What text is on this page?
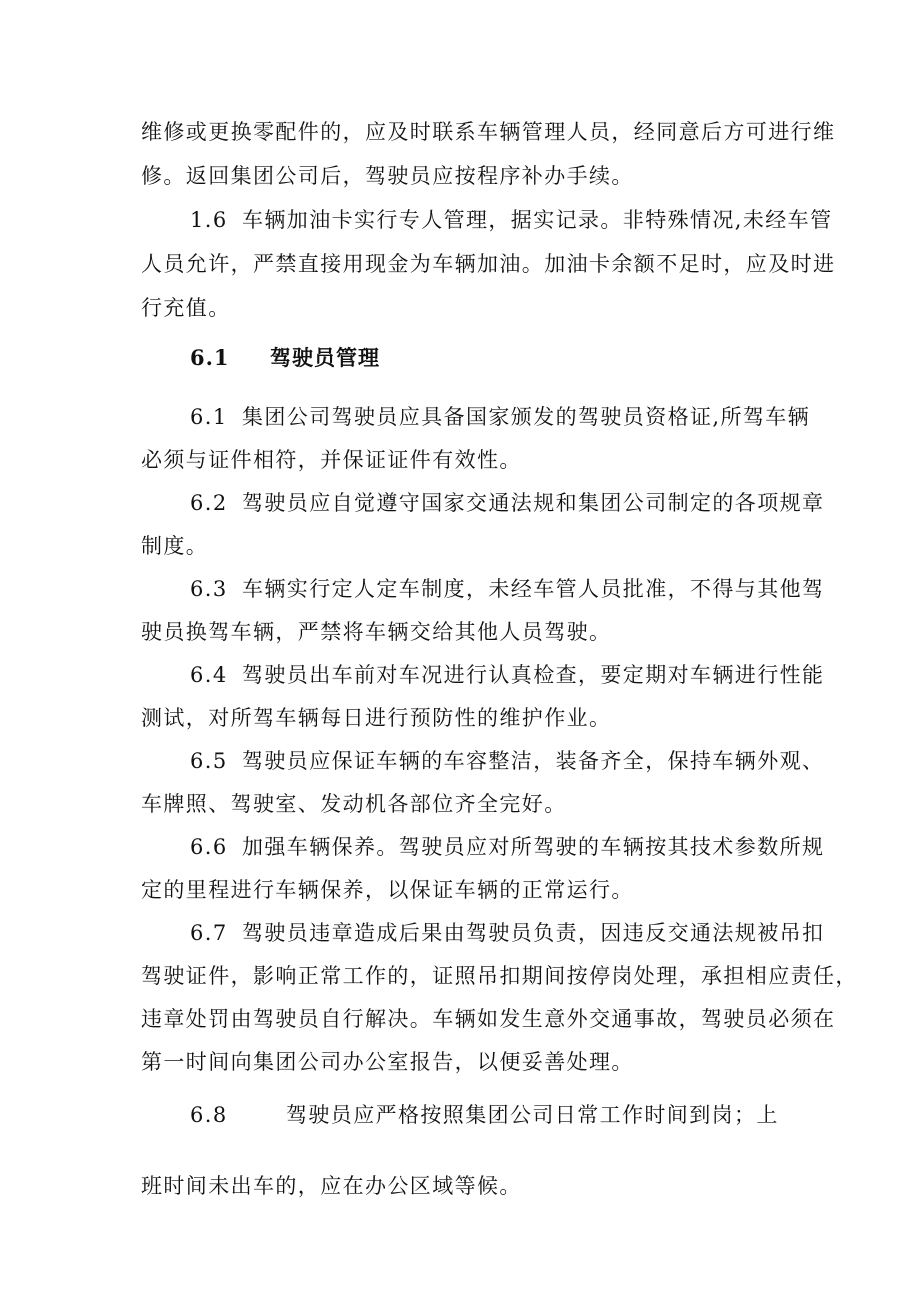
维修或更换零配件的，应及时联系车辆管理人员，经同意后方可进行维
修。返回集团公司后，驾驶员应按程序补办手续。
1.6 车辆加油卡实行专人管理，据实记录。非特殊情况,未经车管
人员允许，严禁直接用现金为车辆加油。加油卡余额不足时，应及时进
行充值。
6.1 驾驶员管理
6.1 集团公司驾驶员应具备国家颁发的驾驶员资格证,所驾车辆
必须与证件相符，并保证证件有效性。
6.2 驾驶员应自觉遵守国家交通法规和集团公司制定的各项规章
制度。
6.3 车辆实行定人定车制度，未经车管人员批准，不得与其他驾
驶员换驾车辆，严禁将车辆交给其他人员驾驶。
6.4 驾驶员出车前对车况进行认真检查，要定期对车辆进行性能
测试，对所驾车辆每日进行预防性的维护作业。
6.5 驾驶员应保证车辆的车容整洁，装备齐全，保持车辆外观、
车牌照、驾驶室、发动机各部位齐全完好。
6.6 加强车辆保养。驾驶员应对所驾驶的车辆按其技术参数所规
定的里程进行车辆保养，以保证车辆的正常运行。
6.7 驾驶员违章造成后果由驾驶员负责，因违反交通法规被吊扣
驾驶证件，影响正常工作的，证照吊扣期间按停岗处理，承担相应责任，
违章处罚由驾驶员自行解决。车辆如发生意外交通事故，驾驶员必须在
第一时间向集团公司办公室报告，以便妥善处理。
6.8	驾驶员应严格按照集团公司日常工作时间到岗；上
班时间未出车的，应在办公区域等候。
